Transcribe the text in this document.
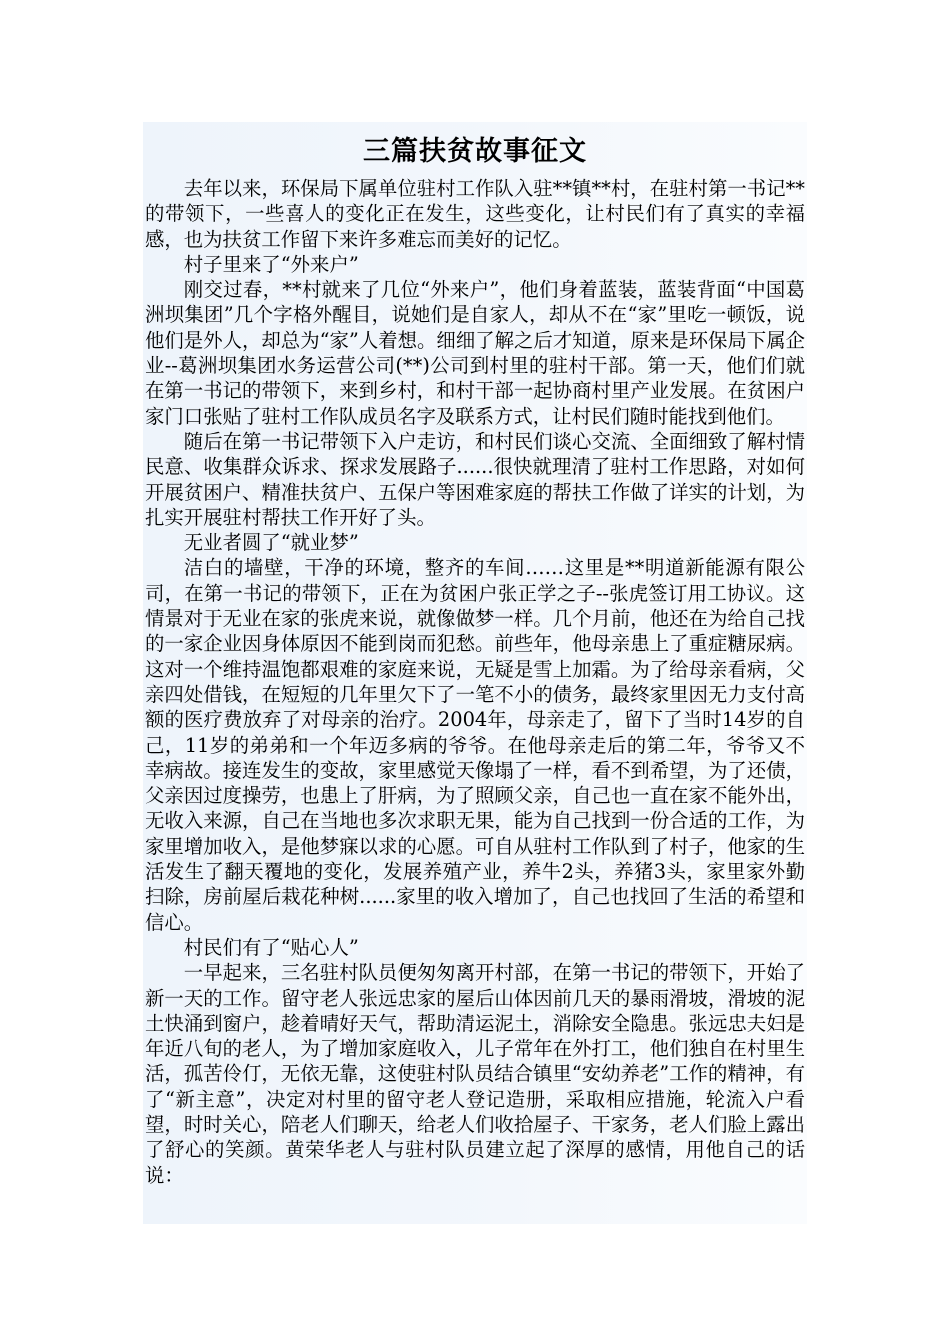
三篇扶贫故事征文

去年以来，环保局下属单位驻村工作队入驻**镇**村，在驻村第一书记**的带领下，一些喜人的变化正在发生，这些变化，让村民们有了真实的幸福感，也为扶贫工作留下来许多难忘而美好的记忆。

村子里来了“外来户”

刚交过春，**村就来了几位“外来户”，他们身着蓝装，蓝装背面“中国葛洲坝集团”几个字格外醒目，说她们是自家人，却从不在“家”里吃一顿饭，说他们是外人，却总为“家”人着想。细细了解之后才知道，原来是环保局下属企业--葛洲坝集团水务运营公司(**)公司到村里的驻村干部。第一天，他们们就在第一书记的带领下，来到乡村，和村干部一起协商村里产业发展。在贫困户家门口张贴了驻村工作队成员名字及联系方式，让村民们随时能找到他们。

随后在第一书记带领下入户走访，和村民们谈心交流、全面细致了解村情民意、收集群众诉求、探求发展路子......很快就理清了驻村工作思路，对如何开展贫困户、精准扶贫户、五保户等困难家庭的帮扶工作做了详实的计划，为扎实开展驻村帮扶工作开好了头。

无业者圆了“就业梦”

洁白的墙壁，干净的环境，整齐的车间……这里是**明道新能源有限公司，在第一书记的带领下，正在为贫困户张正学之子--张虎签订用工协议。这情景对于无业在家的张虎来说，就像做梦一样。几个月前，他还在为给自己找的一家企业因身体原因不能到岗而犯愁。前些年，他母亲患上了重症糖尿病。这对一个维持温饱都艰难的家庭来说，无疑是雪上加霜。为了给母亲看病，父亲四处借钱，在短短的几年里欠下了一笔不小的债务，最终家里因无力支付高额的医疗费放弃了对母亲的治疗。2004年，母亲走了，留下了当时14岁的自己，11岁的弟弟和一个年迈多病的爷爷。在他母亲走后的第二年，爷爷又不幸病故。接连发生的变故，家里感觉天像塌了一样，看不到希望，为了还债，父亲因过度操劳，也患上了肝病，为了照顾父亲，自己也一直在家不能外出，无收入来源，自己在当地也多次求职无果，能为自己找到一份合适的工作，为家里增加收入，是他梦寐以求的心愿。可自从驻村工作队到了村子，他家的生活发生了翻天覆地的变化，发展养殖产业，养牛2头，养猪3头，家里家外勤扫除，房前屋后栽花种树......家里的收入增加了，自己也找回了生活的希望和信心。

村民们有了“贴心人”

一早起来，三名驻村队员便匆匆离开村部，在第一书记的带领下，开始了新一天的工作。留守老人张远忠家的屋后山体因前几天的暴雨滑坡，滑坡的泥土快涌到窗户，趁着晴好天气，帮助清运泥土，消除安全隐患。张远忠夫妇是年近八旬的老人，为了增加家庭收入，儿子常年在外打工，他们独自在村里生活，孤苦伶仃，无依无靠，这使驻村队员结合镇里“安幼养老”工作的精神，有了“新主意”，决定对村里的留守老人登记造册，采取相应措施，轮流入户看望，时时关心，陪老人们聊天，给老人们收拾屋子、干家务，老人们脸上露出了舒心的笑颜。黄荣华老人与驻村队员建立起了深厚的感情，用他自己的话说：
